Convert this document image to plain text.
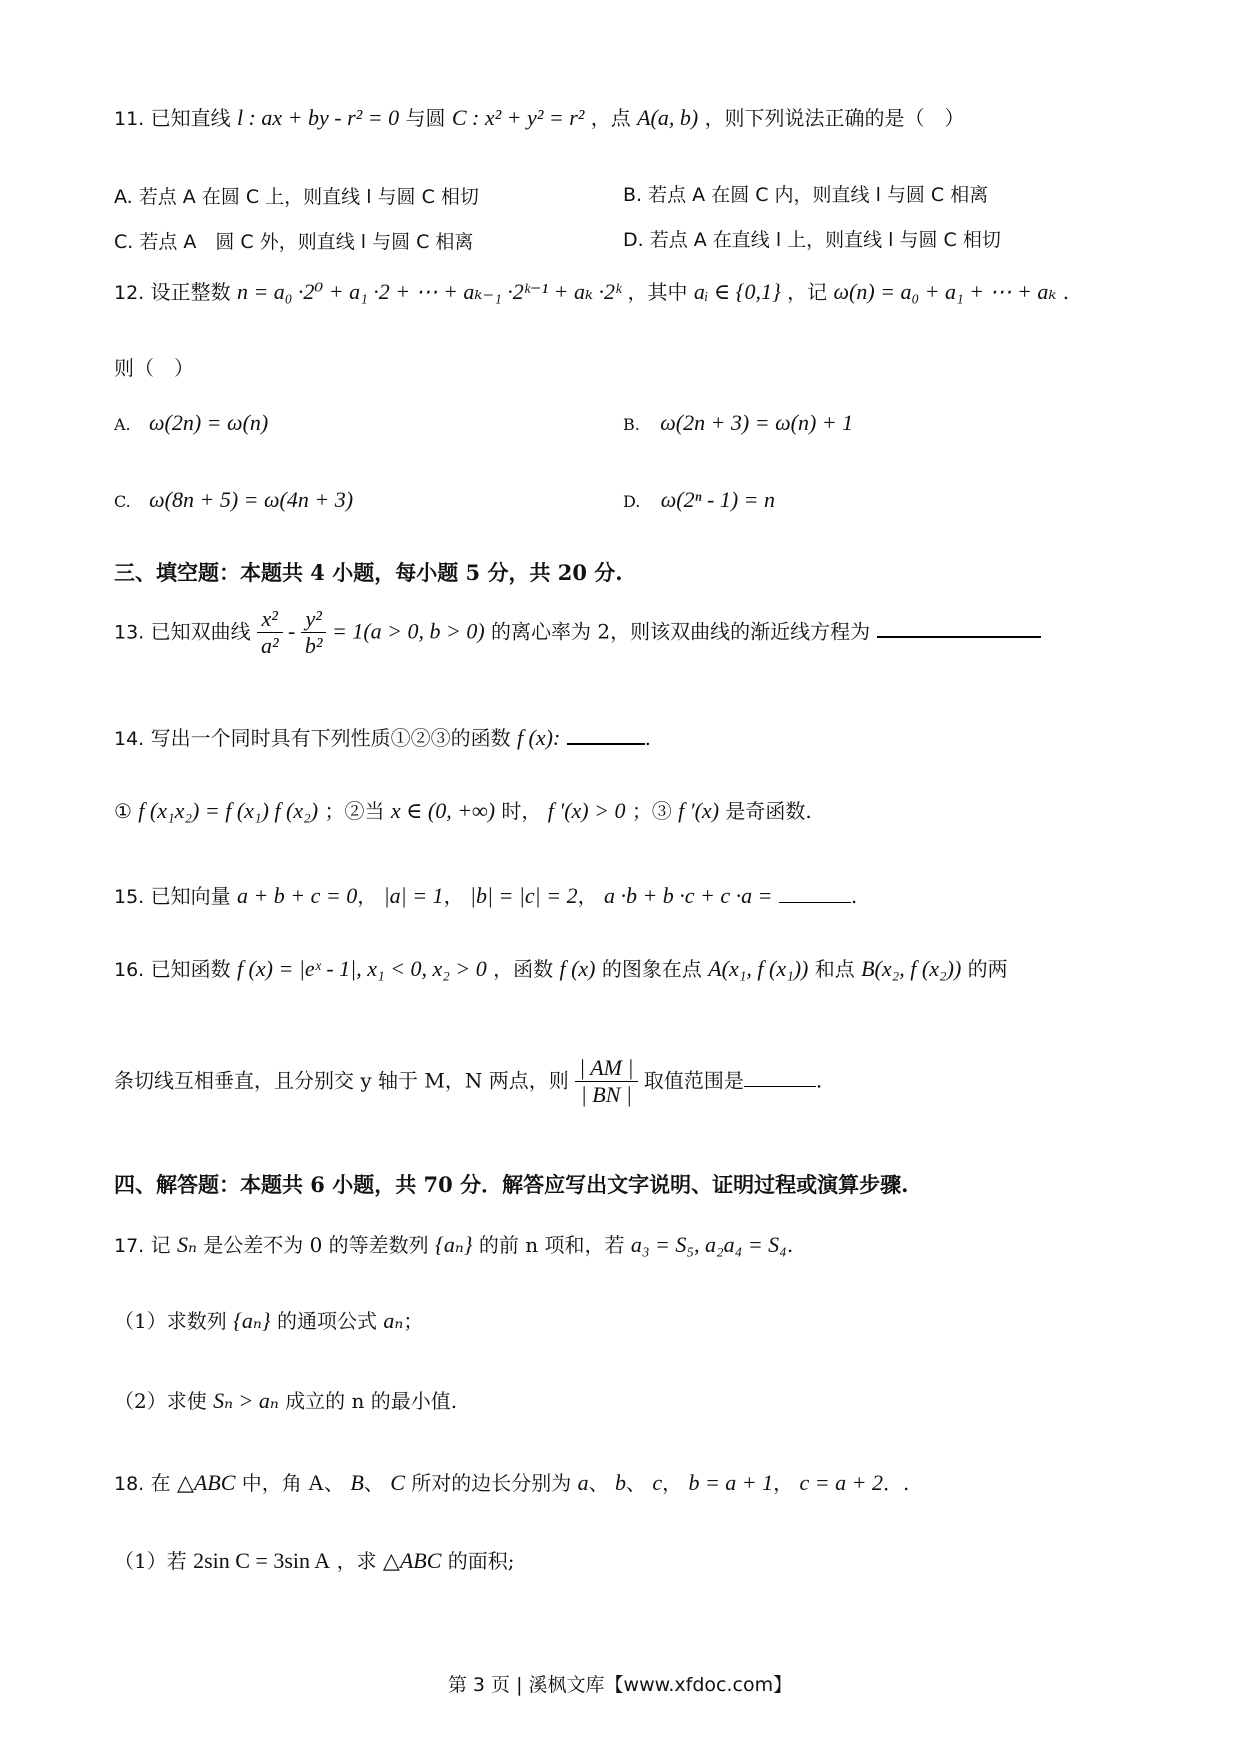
11. 已知直线 l : ax + by - r² = 0 与圆 C : x² + y² = r² ，点 A(a, b) ，则下列说法正确的是（　）
A. 若点 A 在圆 C 上，则直线 l 与圆 C 相切	B. 若点 A 在圆 C 内，则直线 l 与圆 C 相离
C. 若点 A　圆 C 外，则直线 l 与圆 C 相离	D. 若点 A 在直线 l 上，则直线 l 与圆 C 相切
12. 设正整数 n = a₀ ·2⁰ + a₁ ·2 + ⋯ + aₖ₋₁ ·2ᵏ⁻¹ + aₖ ·2ᵏ ，其中 aᵢ ∈ {0,1} ，记 ω(n) = a₀ + a₁ + ⋯ + aₖ .
则（　）
A. ω(2n) = ω(n)	B. ω(2n + 3) = ω(n) + 1
C. ω(8n + 5) = ω(4n + 3)	D. ω(2ⁿ - 1) = n
三、填空题：本题共 4 小题，每小题 5 分，共 20 分.
13. 已知双曲线 $\frac{\text{x²}}{\text{a²}} - \frac{\text{y²}}{\text{b²}} = 1(a > 0$, b > 0) 的离心率为 2，则该双曲线的渐近线方程为
14. 写出一个同时具有下列性质①②③的函数 f (x):	.
① f (x₁x₂) = f (x₁) f (x₂) ；②当 x ∈ (0, +∞) 时， f ′(x) > 0 ；③ f ′(x) 是奇函数.
15. 已知向量 a + b + c = 0， |a| = 1， |b| = |c| = 2， a ·b + b ·c + c ·a =	.
16. 已知函数 f (x) = |eˣ - 1|, x₁ < 0, x₂ > 0 ，函数 f (x) 的图象在点 A(x₁, f (x₁)) 和点 B(x₂, f (x₂)) 的两
条切线互相垂直，且分别交 y 轴于 M，N 两点，则 $\frac{| AM |}{| BN |}$ 取值范围是	.
四、解答题：本题共 6 小题，共 70 分．解答应写出文字说明、证明过程或演算步骤.
17. 记 Sₙ 是公差不为 0 的等差数列 {aₙ} 的前 n 项和，若 a₃ = S₅, a₂a₄ = S₄.
（1）求数列 {aₙ} 的通项公式 aₙ；
（2）求使 Sₙ > aₙ 成立的 n 的最小值.
18. 在 △ABC 中，角 A、 B、 C 所对的边长分别为 a、 b、 c， b = a + 1， c = a + 2．.
（1）若 2sin C = 3sin A ，求 △ABC 的面积;
第 3 页 | 溪枫文库【www.xfdoc.com】
